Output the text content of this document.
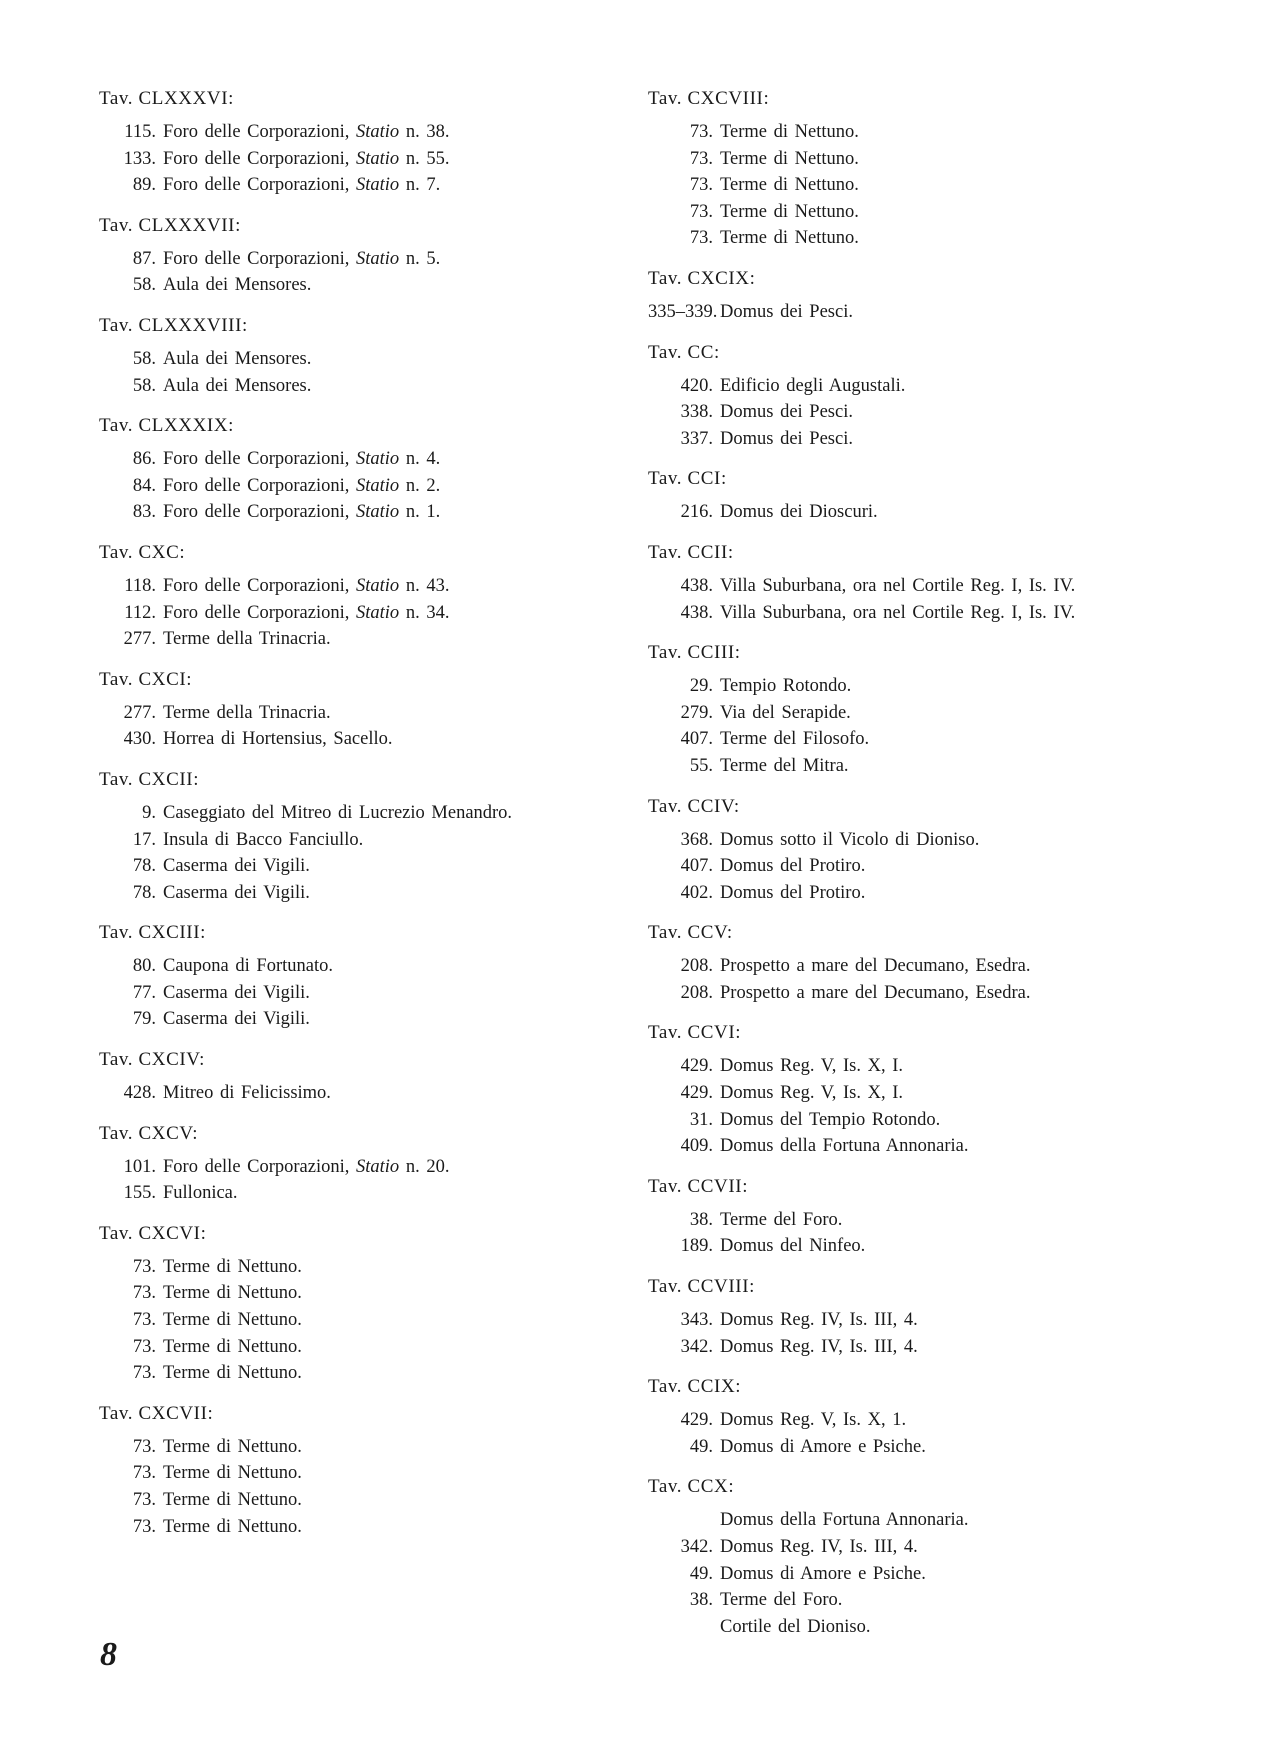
Tav. CLXXXVI:
115. Foro delle Corporazioni, Statio n. 38.
133. Foro delle Corporazioni, Statio n. 55.
89. Foro delle Corporazioni, Statio n. 7.
Tav. CLXXXVII:
87. Foro delle Corporazioni, Statio n. 5.
58. Aula dei Mensores.
Tav. CLXXXVIII:
58. Aula dei Mensores.
58. Aula dei Mensores.
Tav. CLXXXIX:
86. Foro delle Corporazioni, Statio n. 4.
84. Foro delle Corporazioni, Statio n. 2.
83. Foro delle Corporazioni, Statio n. 1.
Tav. CXC:
118. Foro delle Corporazioni, Statio n. 43.
112. Foro delle Corporazioni, Statio n. 34.
277. Terme della Trinacria.
Tav. CXCI:
277. Terme della Trinacria.
430. Horrea di Hortensius, Sacello.
Tav. CXCII:
9. Caseggiato del Mitreo di Lucrezio Menandro.
17. Insula di Bacco Fanciullo.
78. Caserma dei Vigili.
78. Caserma dei Vigili.
Tav. CXCIII:
80. Caupona di Fortunato.
77. Caserma dei Vigili.
79. Caserma dei Vigili.
Tav. CXCIV:
428. Mitreo di Felicissimo.
Tav. CXCV:
101. Foro delle Corporazioni, Statio n. 20.
155. Fullonica.
Tav. CXCVI:
73. Terme di Nettuno.
73. Terme di Nettuno.
73. Terme di Nettuno.
73. Terme di Nettuno.
73. Terme di Nettuno.
Tav. CXCVII:
73. Terme di Nettuno.
73. Terme di Nettuno.
73. Terme di Nettuno.
73. Terme di Nettuno.
Tav. CXCVIII:
73. Terme di Nettuno.
73. Terme di Nettuno.
73. Terme di Nettuno.
73. Terme di Nettuno.
73. Terme di Nettuno.
Tav. CXCIX:
335–339. Domus dei Pesci.
Tav. CC:
420. Edificio degli Augustali.
338. Domus dei Pesci.
337. Domus dei Pesci.
Tav. CCI:
216. Domus dei Dioscuri.
Tav. CCII:
438. Villa Suburbana, ora nel Cortile Reg. I, Is. IV.
438. Villa Suburbana, ora nel Cortile Reg. I, Is. IV.
Tav. CCIII:
29. Tempio Rotondo.
279. Via del Serapide.
407. Terme del Filosofo.
55. Terme del Mitra.
Tav. CCIV:
368. Domus sotto il Vicolo di Dioniso.
407. Domus del Protiro.
402. Domus del Protiro.
Tav. CCV:
208. Prospetto a mare del Decumano, Esedra.
208. Prospetto a mare del Decumano, Esedra.
Tav. CCVI:
429. Domus Reg. V, Is. X, I.
429. Domus Reg. V, Is. X, I.
31. Domus del Tempio Rotondo.
409. Domus della Fortuna Annonaria.
Tav. CCVII:
38. Terme del Foro.
189. Domus del Ninfeo.
Tav. CCVIII:
343. Domus Reg. IV, Is. III, 4.
342. Domus Reg. IV, Is. III, 4.
Tav. CCIX:
429. Domus Reg. V, Is. X, 1.
49. Domus di Amore e Psiche.
Tav. CCX:
Domus della Fortuna Annonaria.
342. Domus Reg. IV, Is. III, 4.
49. Domus di Amore e Psiche.
38. Terme del Foro.
Cortile del Dioniso.
8
